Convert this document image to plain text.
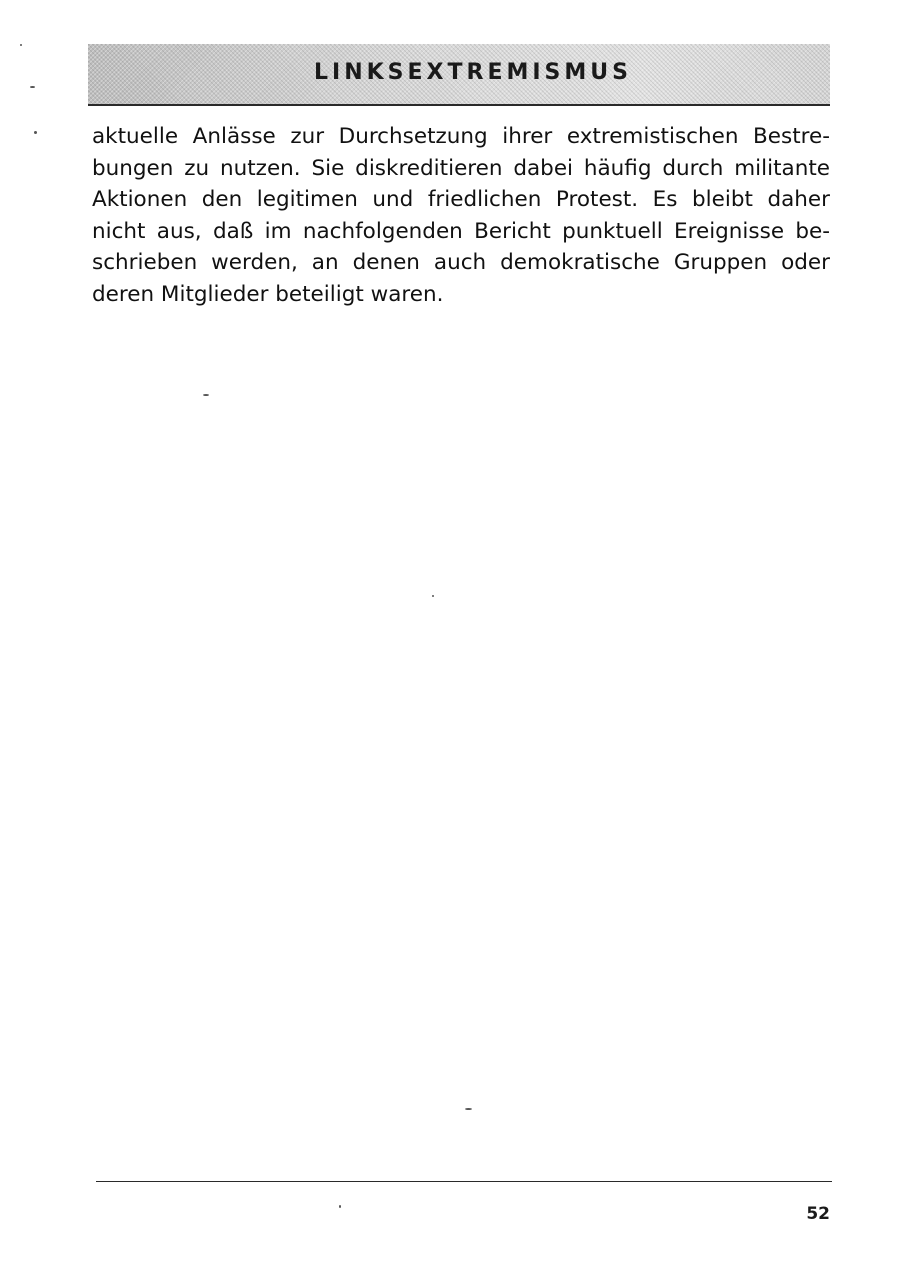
LINKSEXTREMISMUS
aktuelle Anlässe zur Durchsetzung ihrer extremistischen Bestre-
bungen zu nutzen. Sie diskreditieren dabei häufig durch militante
Aktionen den legitimen und friedlichen Protest. Es bleibt daher
nicht aus, daß im nachfolgenden Bericht punktuell Ereignisse be-
schrieben werden, an denen auch demokratische Gruppen oder
deren Mitglieder beteiligt waren.
52
